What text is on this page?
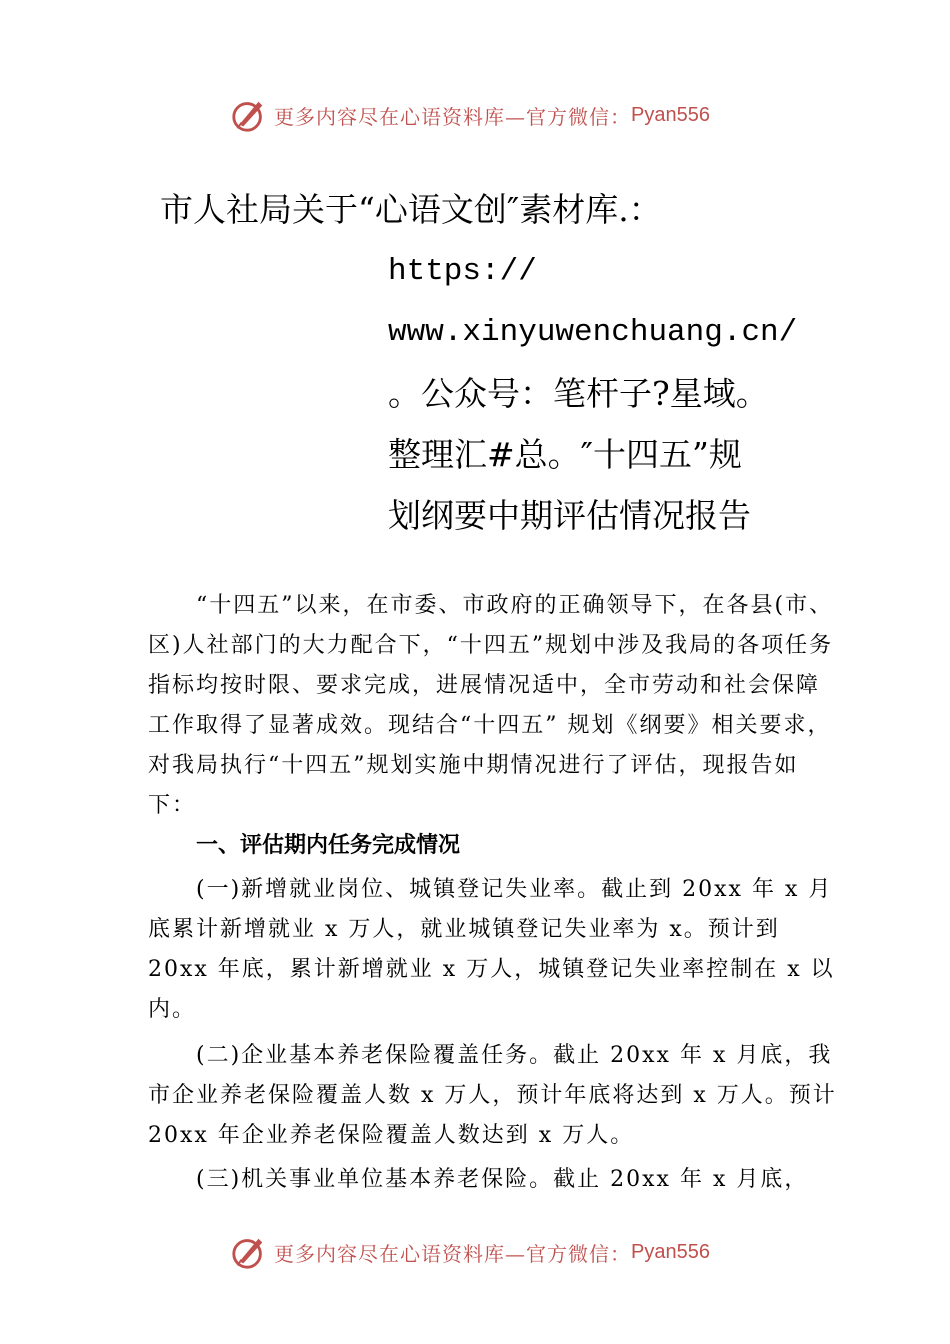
更多内容尽在心语资料库—官方微信： Pyan556
市人社局关于“心语文创″素材库.：
https://
www.xinyuwenchuang.cn/
。公众号：笔杆子?星域。
整理汇#总。″十四五”规
划纲要中期评估情况报告

“十四五”以来，在市委、市政府的正确领导下，在各县(市、区)人社部门的大力配合下，“十四五”规划中涉及我局的各项任务指标均按时限、要求完成，进展情况适中，全市劳动和社会保障工作取得了显著成效。现结合“十四五” 规划《纲要》相关要求，对我局执行“十四五”规划实施中期情况进行了评估，现报告如下：

一、评估期内任务完成情况

(一)新增就业岗位、城镇登记失业率。截止到 20xx 年 x 月底累计新增就业 x 万人，就业城镇登记失业率为 x。预计到 20xx 年底，累计新增就业 x 万人，城镇登记失业率控制在 x 以内。

(二)企业基本养老保险覆盖任务。截止 20xx 年 x 月底，我市企业养老保险覆盖人数 x 万人，预计年底将达到 x 万人。预计 20xx 年企业养老保险覆盖人数达到 x 万人。

(三)机关事业单位基本养老保险。截止 20xx 年 x 月底，

更多内容尽在心语资料库—官方微信： Pyan556
